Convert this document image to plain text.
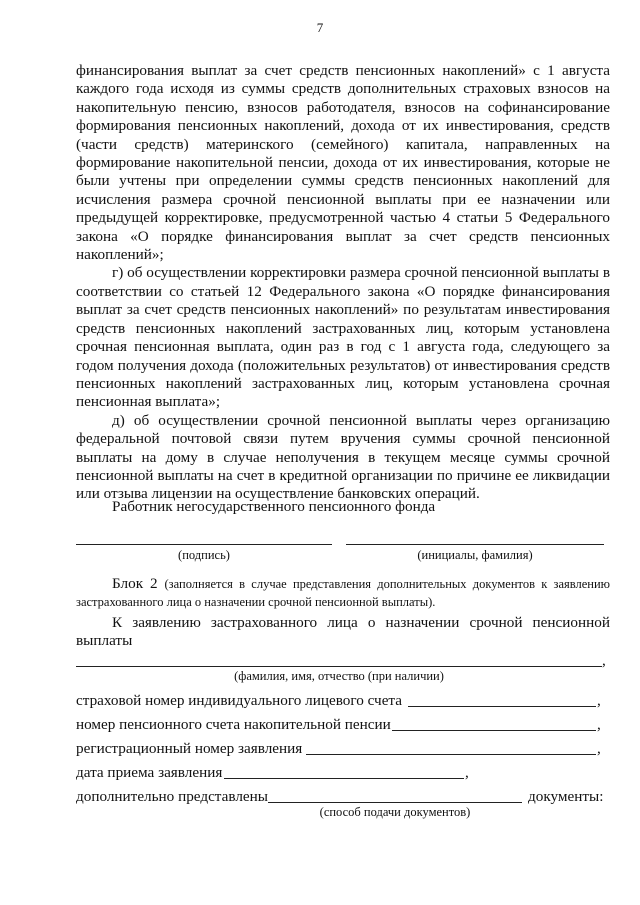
7

финансирования выплат за счет средств пенсионных накоплений» с 1 августа каждого года исходя из суммы средств дополнительных страховых взносов на накопительную пенсию, взносов работодателя, взносов на софинансирование формирования пенсионных накоплений, дохода от их инвестирования, средств (части средств) материнского (семейного) капитала, направленных на формирование накопительной пенсии, дохода от их инвестирования, которые не были учтены при определении суммы средств пенсионных накоплений для исчисления размера срочной пенсионной выплаты при ее назначении или предыдущей корректировке, предусмотренной частью 4 статьи 5 Федерального закона «О порядке финансирования выплат за счет средств пенсионных накоплений»;

г) об осуществлении корректировки размера срочной пенсионной выплаты в соответствии со статьей 12 Федерального закона «О порядке финансирования выплат за счет средств пенсионных накоплений» по результатам инвестирования средств пенсионных накоплений застрахованных лиц, которым установлена срочная пенсионная выплата, один раз в год с 1 августа года, следующего за годом получения дохода (положительных результатов) от инвестирования средств пенсионных накоплений застрахованных лиц, которым установлена срочная пенсионная выплата»;

д) об осуществлении срочной пенсионной выплаты через организацию федеральной почтовой связи путем вручения суммы срочной пенсионной выплаты на дому в случае неполучения в текущем месяце суммы срочной пенсионной выплаты на счет в кредитной организации по причине ее ликвидации или отзыва лицензии на осуществление банковских операций.

Работник негосударственного пенсионного фонда
(подпись)	(инициалы, фамилия)

Блок 2 (заполняется в случае представления дополнительных документов к заявлению застрахованного лица о назначении срочной пенсионной выплаты).

К заявлению застрахованного лица о назначении срочной пенсионной выплаты

,
(фамилия, имя, отчество (при наличии)
страховой номер индивидуального лицевого счета	,
номер пенсионного счета накопительной пенсии	,
регистрационный номер заявления	,
дата приема заявления	,
дополнительно представлены	документы:
(способ подачи документов)
